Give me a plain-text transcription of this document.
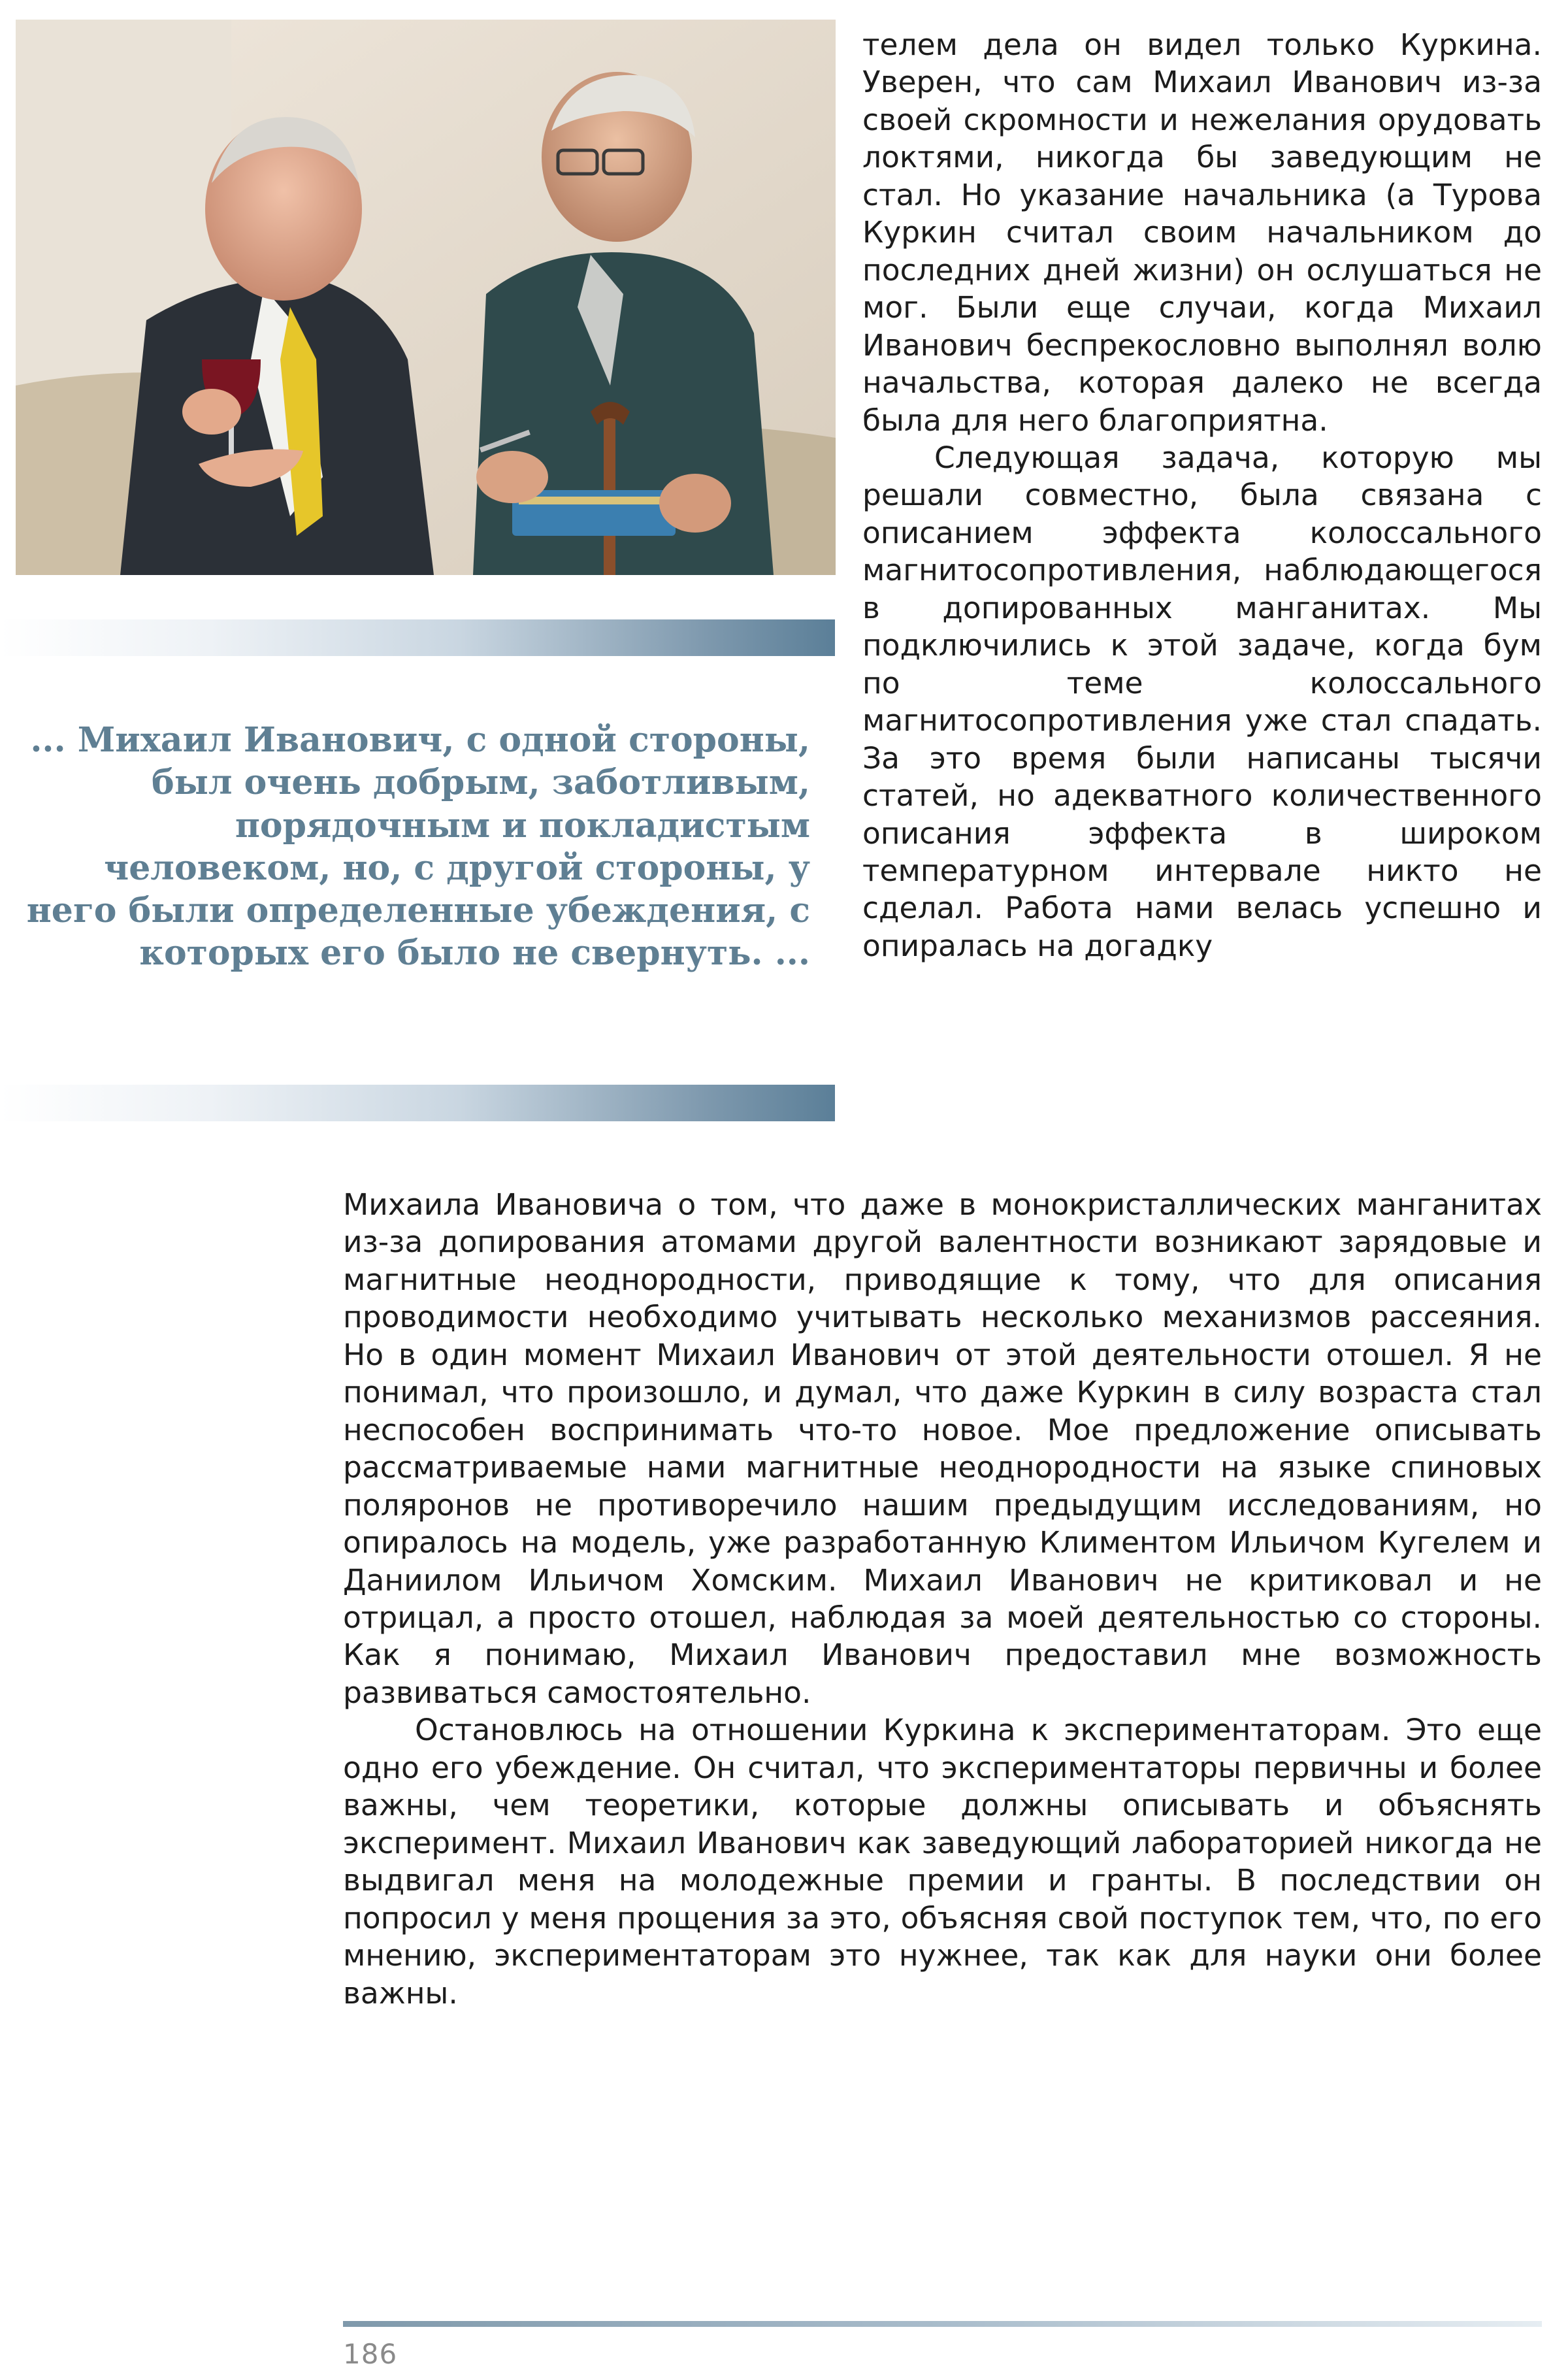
... Михаил Иванович, с одной стороны, был очень добрым, заботливым, порядочным и покладистым человеком, но, с другой стороны, у него были определенные убеждения, с которых его было не свернуть. ...

телем дела он видел только Куркина. Уверен, что сам Михаил Иванович из-за своей скромности и нежелания орудовать локтями, никогда бы заведующим не стал. Но указание начальника (а Турова Куркин считал своим начальником до последних дней жизни) он ослушаться не мог. Были еще случаи, когда Михаил Иванович беспрекословно выполнял волю начальства, которая далеко не всегда была для него благоприятна.

Следующая задача, которую мы решали совместно, была связана с описанием эффекта колоссального магнитосопротивления, наблюдающегося в допированных манганитах. Мы подключились к этой задаче, когда бум по теме колоссального магнитосопротивления уже стал спадать. За это время были написаны тысячи статей, но адекватного количественного описания эффекта в широком температурном интервале никто не сделал. Работа нами велась успешно и опиралась на догадку

Михаила Ивановича о том, что даже в монокристаллических манганитах из-за допирования атомами другой валентности возникают зарядовые и магнитные неоднородности, приводящие к тому, что для описания проводимости необходимо учитывать несколько механизмов рассеяния. Но в один момент Михаил Иванович от этой деятельности отошел. Я не понимал, что произошло, и думал, что даже Куркин в силу возраста стал неспособен воспринимать что-то новое. Мое предложение описывать рассматриваемые нами магнитные неоднородности на языке спиновых поляронов не противоречило нашим предыдущим исследованиям, но опиралось на модель, уже разработанную Климентом Ильичом Кугелем и Даниилом Ильичом Хомским. Михаил Иванович не критиковал и не отрицал, а просто отошел, наблюдая за моей деятельностью со стороны. Как я понимаю, Михаил Иванович предоставил мне возможность развиваться самостоятельно.

Остановлюсь на отношении Куркина к экспериментаторам. Это еще одно его убеждение. Он считал, что экспериментаторы первичны и более важны, чем теоретики, которые должны описывать и объяснять эксперимент. Михаил Иванович как заведующий лабораторией никогда не выдвигал меня на молодежные премии и гранты. В последствии он попросил у меня прощения за это, объясняя свой поступок тем, что, по его мнению, экспериментаторам это нужнее, так как для науки они более важны.

186
